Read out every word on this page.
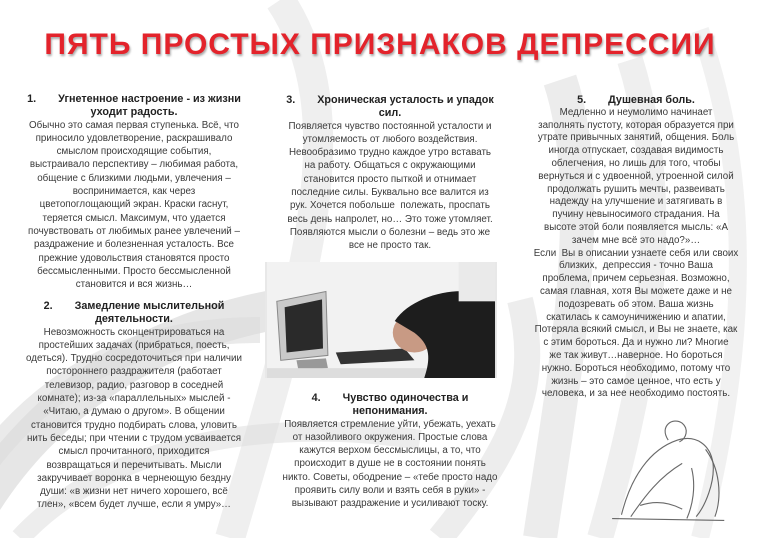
ПЯТЬ ПРОСТЫХ ПРИЗНАКОВ ДЕПРЕССИИ
1. Угнетенное настроение - из жизни уходит радость.

Обычно это самая первая ступенька. Всё, что
приносило удовлетворение, раскрашивало
смыслом происходящие события,
выстраивало перспективу – любимая работа,
общение с близкими людьми, увлечения –
воспринимается, как через
цветопоглощающий экран. Краски гаснут,
теряется смысл. Максимум, что удается
почувствовать от любимых ранее увлечений –
раздражение и болезненная усталость. Все
прежние удовольствия становятся просто
бессмысленными. Просто бессмысленной
становится и вся жизнь…

2. Замедление мыслительной деятельности.

Невозможность сконцентрироваться на
простейших задачах (прибраться, поесть,
одеться). Трудно сосредоточиться при наличии
постороннего раздражителя (работает
телевизор, радио, разговор в соседней
комнате); из-за «параллельных» мыслей -
«Читаю, а думаю о другом». В общении
становится трудно подбирать слова, уловить
нить беседы; при чтении с трудом усваивается
смысл прочитанного, приходится
возвращаться и перечитывать. Мысли
закручивает воронка в чернеющую бездну
души: «в жизни нет ничего хорошего, всё
тлен», «всем будет лучше, если я умру»…

3. Хроническая усталость и упадок сил.

Появляется чувство постоянной усталости и
утомляемость от любого воздействия.
Невообразимо трудно каждое утро вставать
на работу. Общаться с окружающими
становится просто пыткой и отнимает
последние силы. Буквально все валится из
рук. Хочется побольше  полежать, проспать
весь день напролет, но… Это тоже утомляет.
Появляются мысли о болезни – ведь это же
все не просто так.

4. Чувство одиночества и непонимания.

Появляется стремление уйти, убежать, уехать
от назойливого окружения. Простые слова
кажутся верхом бессмыслицы, а то, что
происходит в душе не в состоянии понять
никто. Советы, ободрение – «тебе просто надо
проявить силу воли и взять себя в руки» -
вызывают раздражение и усиливают тоску.

5. Душевная боль.

Медленно и неумолимо начинает
заполнять пустоту, которая образуется при
утрате привычных занятий, общения. Боль
иногда отпускает, создавая видимость
облегчения, но лишь для того, чтобы
вернуться и с удвоенной, утроенной силой
продолжать рушить мечты, развеивать
надежду на улучшение и затягивать в
пучину невыносимого страдания. На
высоте этой боли появляется мысль: «А
зачем мне всё это надо?»…
Если  Вы в описании узнаете себя или своих
близких,  депрессия - точно Ваша
проблема, причем серьезная. Возможно,
самая главная, хотя Вы можете даже и не
подозревать об этом. Ваша жизнь
скатилась к самоуничижению и апатии,
Потеряла всякий смысл, и Вы не знаете, как
с этим бороться. Да и нужно ли? Многие
же так живут…наверное. Но бороться
нужно. Бороться необходимо, потому что
жизнь – это самое ценное, что есть у
человека, и за нее необходимо постоять.
